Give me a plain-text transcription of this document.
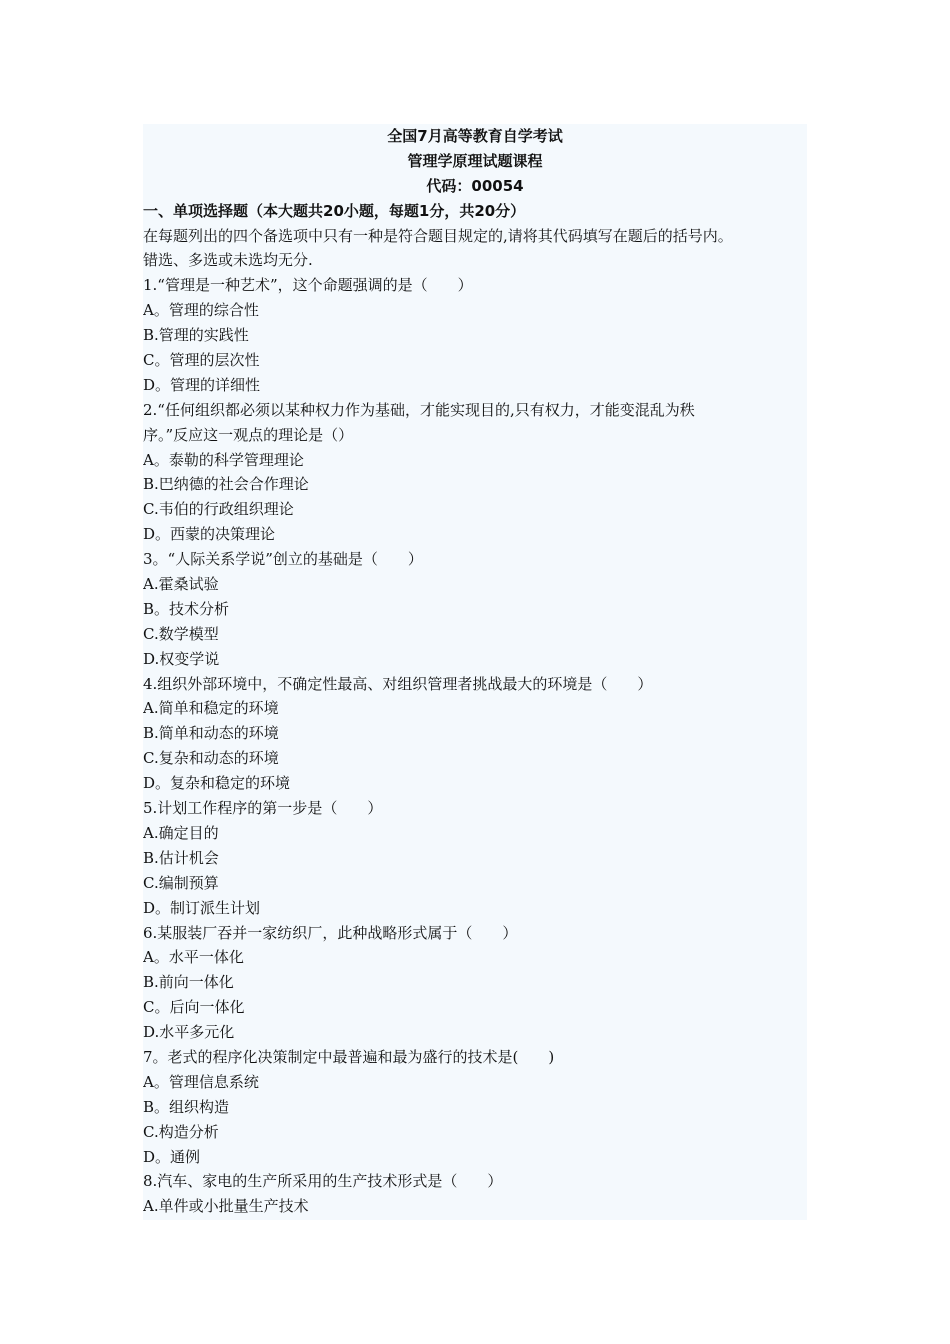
全国7月高等教育自学考试
管理学原理试题课程
代码：00054
一、单项选择题（本大题共20小题，每题1分，共20分）
在每题列出的四个备选项中只有一种是符合题目规定的,请将其代码填写在题后的括号内。
错选、多选或未选均无分.
1.“管理是一种艺术”，这个命题强调的是（　　）
A。管理的综合性
B.管理的实践性
C。管理的层次性
D。管理的详细性
2.“任何组织都必须以某种权力作为基础，才能实现目的,只有权力，才能变混乱为秩
序。”反应这一观点的理论是（）
A。泰勒的科学管理理论
B.巴纳德的社会合作理论
C.韦伯的行政组织理论
D。西蒙的决策理论
3。“人际关系学说”创立的基础是（　　）
A.霍桑试验
B。技术分析
C.数学模型
D.权变学说
4.组织外部环境中，不确定性最高、对组织管理者挑战最大的环境是（　　）
A.简单和稳定的环境
B.简单和动态的环境
C.复杂和动态的环境
D。复杂和稳定的环境
5.计划工作程序的第一步是（　　）
A.确定目的
B.估计机会
C.编制预算
D。制订派生计划
6.某服装厂吞并一家纺织厂，此种战略形式属于（　　）
A。水平一体化
B.前向一体化
C。后向一体化
D.水平多元化
7。老式的程序化决策制定中最普遍和最为盛行的技术是(　　)
A。管理信息系统
B。组织构造
C.构造分析
D。通例
8.汽车、家电的生产所采用的生产技术形式是（　　）
A.单件或小批量生产技术
